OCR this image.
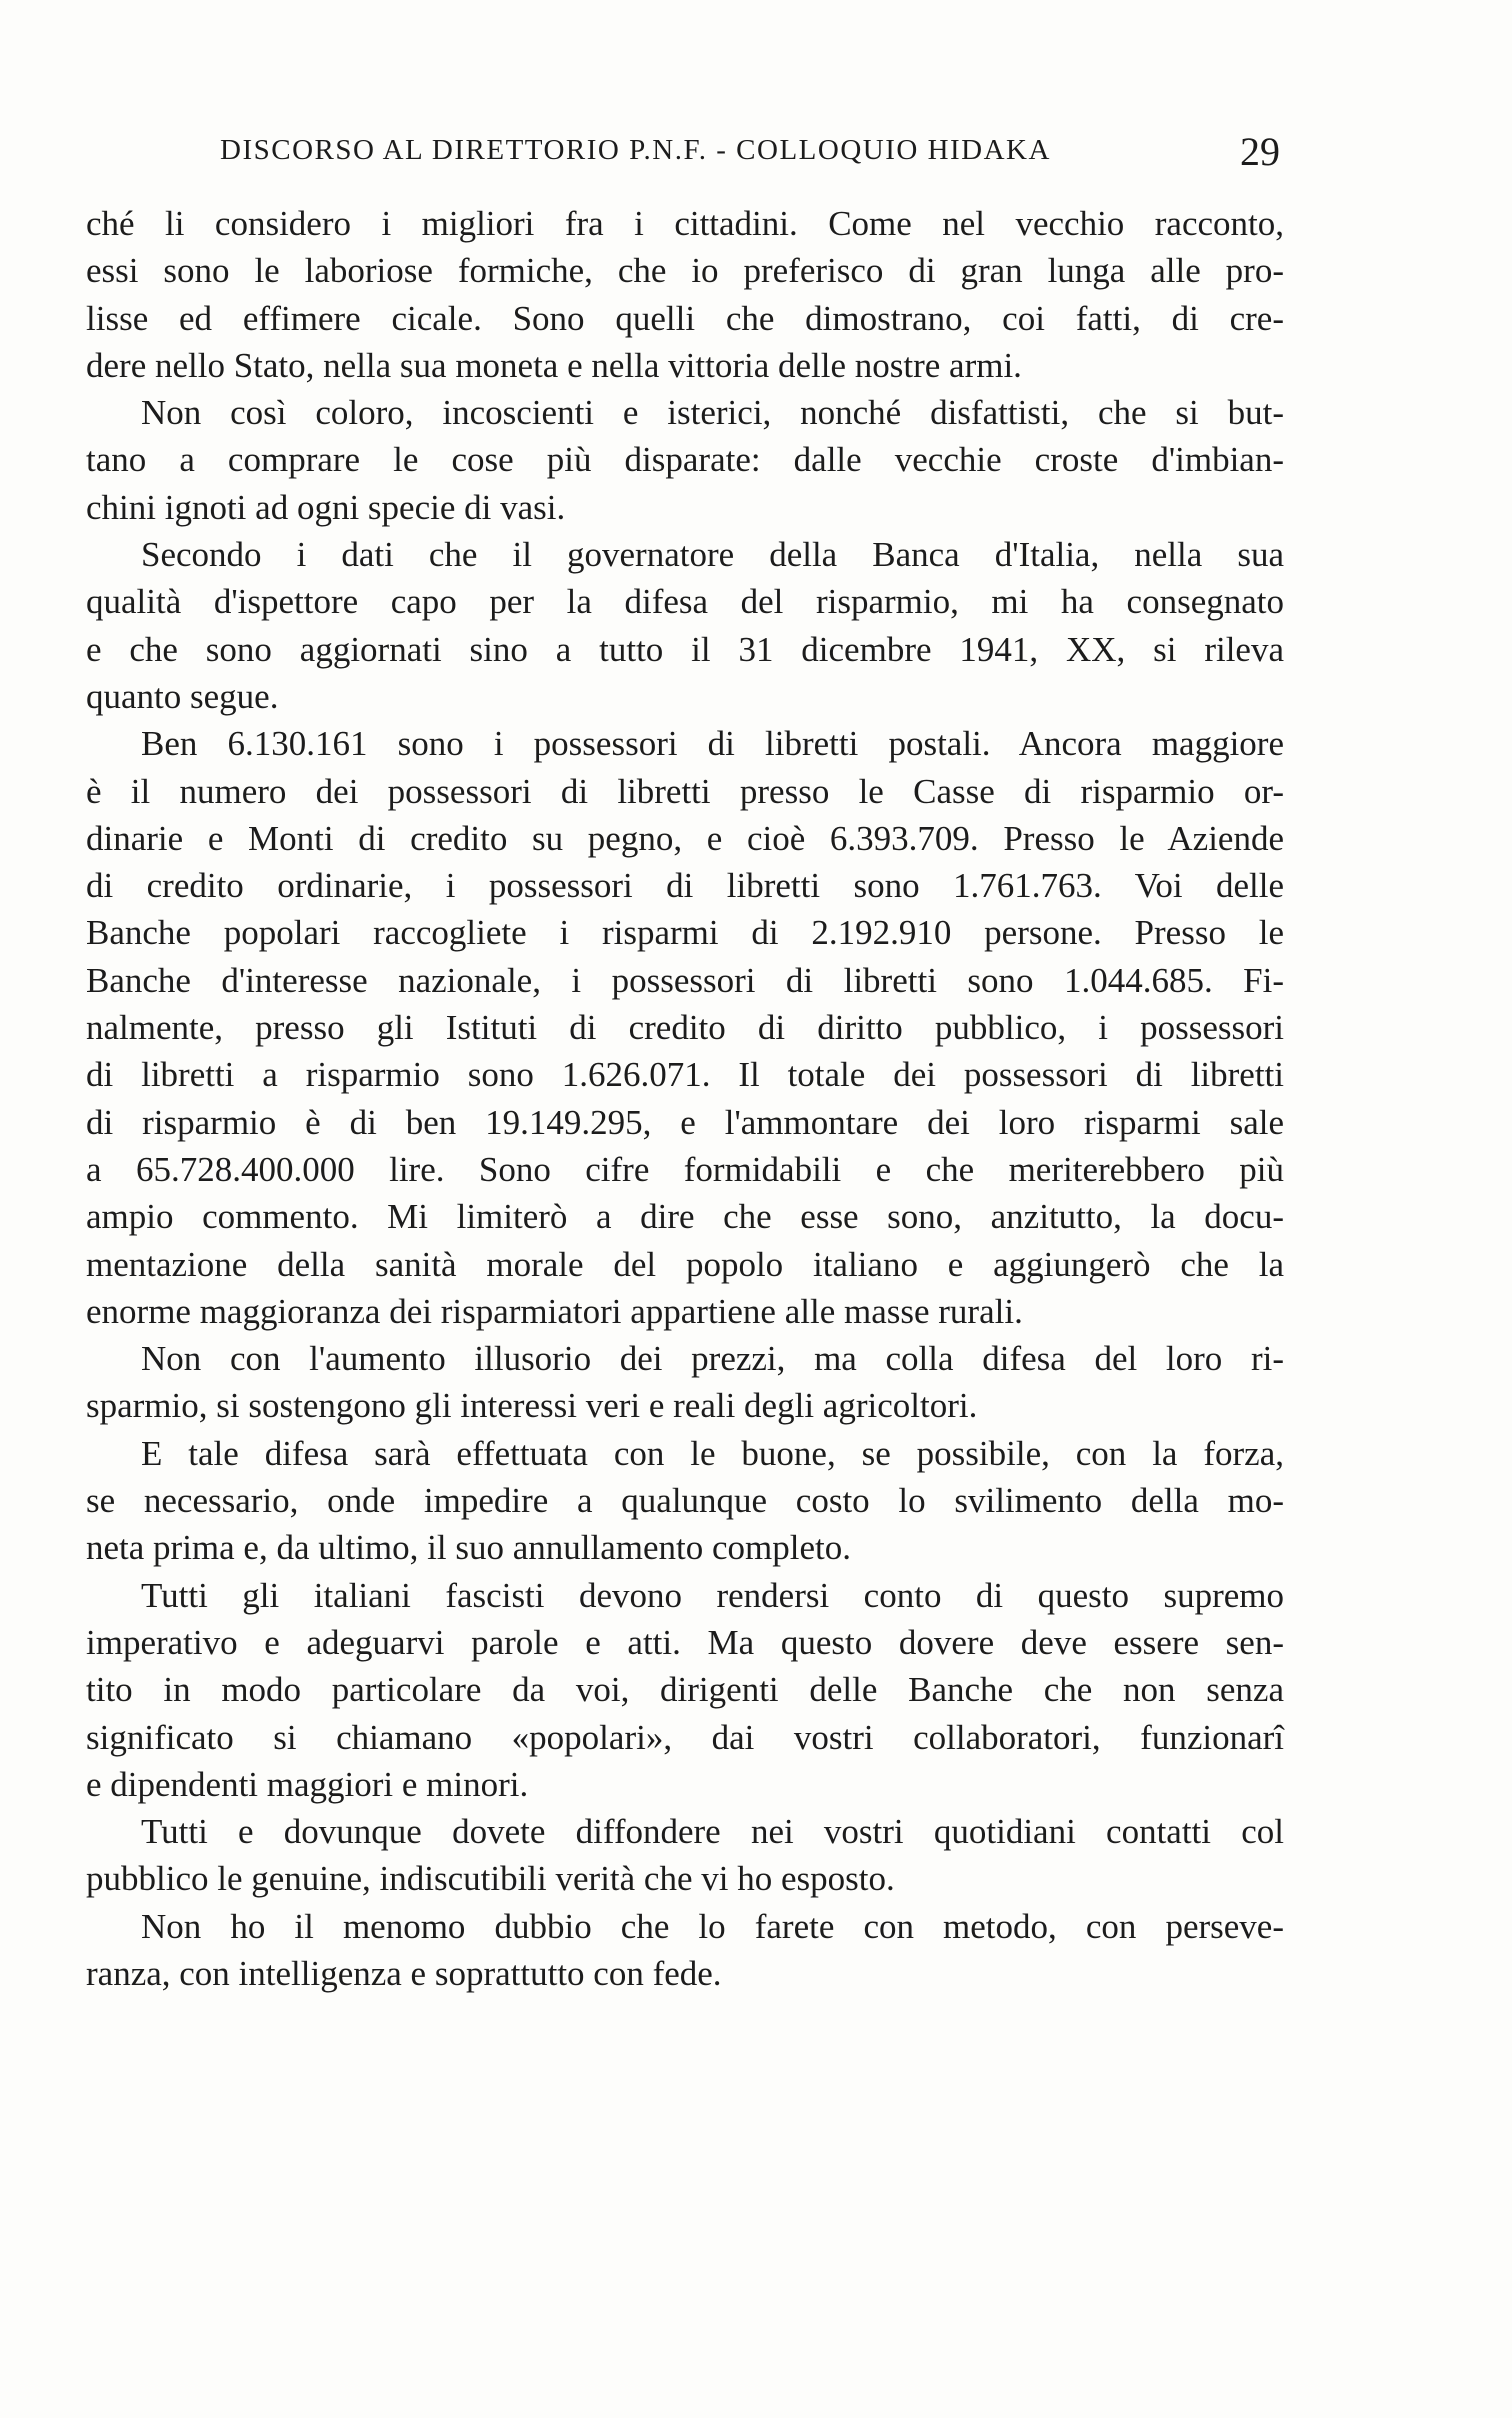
DISCORSO AL DIRETTORIO P.N.F. - COLLOQUIO HIDAKA	29
ché li considero i migliori fra i cittadini. Come nel vecchio racconto,
essi sono le laboriose formiche, che io preferisco di gran lunga alle pro-
lisse ed effimere cicale. Sono quelli che dimostrano, coi fatti, di cre-
dere nello Stato, nella sua moneta e nella vittoria delle nostre armi.
Non così coloro, incoscienti e isterici, nonché disfattisti, che si but-
tano a comprare le cose più disparate: dalle vecchie croste d'imbian-
chini ignoti ad ogni specie di vasi.
Secondo i dati che il governatore della Banca d'Italia, nella sua
qualità d'ispettore capo per la difesa del risparmio, mi ha consegnato
e che sono aggiornati sino a tutto il 31 dicembre 1941, XX, si rileva
quanto segue.
Ben 6.130.161 sono i possessori di libretti postali. Ancora maggiore
è il numero dei possessori di libretti presso le Casse di risparmio or-
dinarie e Monti di credito su pegno, e cioè 6.393.709. Presso le Aziende
di credito ordinarie, i possessori di libretti sono 1.761.763. Voi delle
Banche popolari raccogliete i risparmi di 2.192.910 persone. Presso le
Banche d'interesse nazionale, i possessori di libretti sono 1.044.685. Fi-
nalmente, presso gli Istituti di credito di diritto pubblico, i possessori
di libretti a risparmio sono 1.626.071. Il totale dei possessori di libretti
di risparmio è di ben 19.149.295, e l'ammontare dei loro risparmi sale
a 65.728.400.000 lire. Sono cifre formidabili e che meriterebbero più
ampio commento. Mi limiterò a dire che esse sono, anzitutto, la docu-
mentazione della sanità morale del popolo italiano e aggiungerò che la
enorme maggioranza dei risparmiatori appartiene alle masse rurali.
Non con l'aumento illusorio dei prezzi, ma colla difesa del loro ri-
sparmio, si sostengono gli interessi veri e reali degli agricoltori.
E tale difesa sarà effettuata con le buone, se possibile, con la forza,
se necessario, onde impedire a qualunque costo lo svilimento della mo-
neta prima e, da ultimo, il suo annullamento completo.
Tutti gli italiani fascisti devono rendersi conto di questo supremo
imperativo e adeguarvi parole e atti. Ma questo dovere deve essere sen-
tito in modo particolare da voi, dirigenti delle Banche che non senza
significato si chiamano «popolari», dai vostri collaboratori, funzionarî
e dipendenti maggiori e minori.
Tutti e dovunque dovete diffondere nei vostri quotidiani contatti col
pubblico le genuine, indiscutibili verità che vi ho esposto.
Non ho il menomo dubbio che lo farete con metodo, con perseve-
ranza, con intelligenza e soprattutto con fede.
